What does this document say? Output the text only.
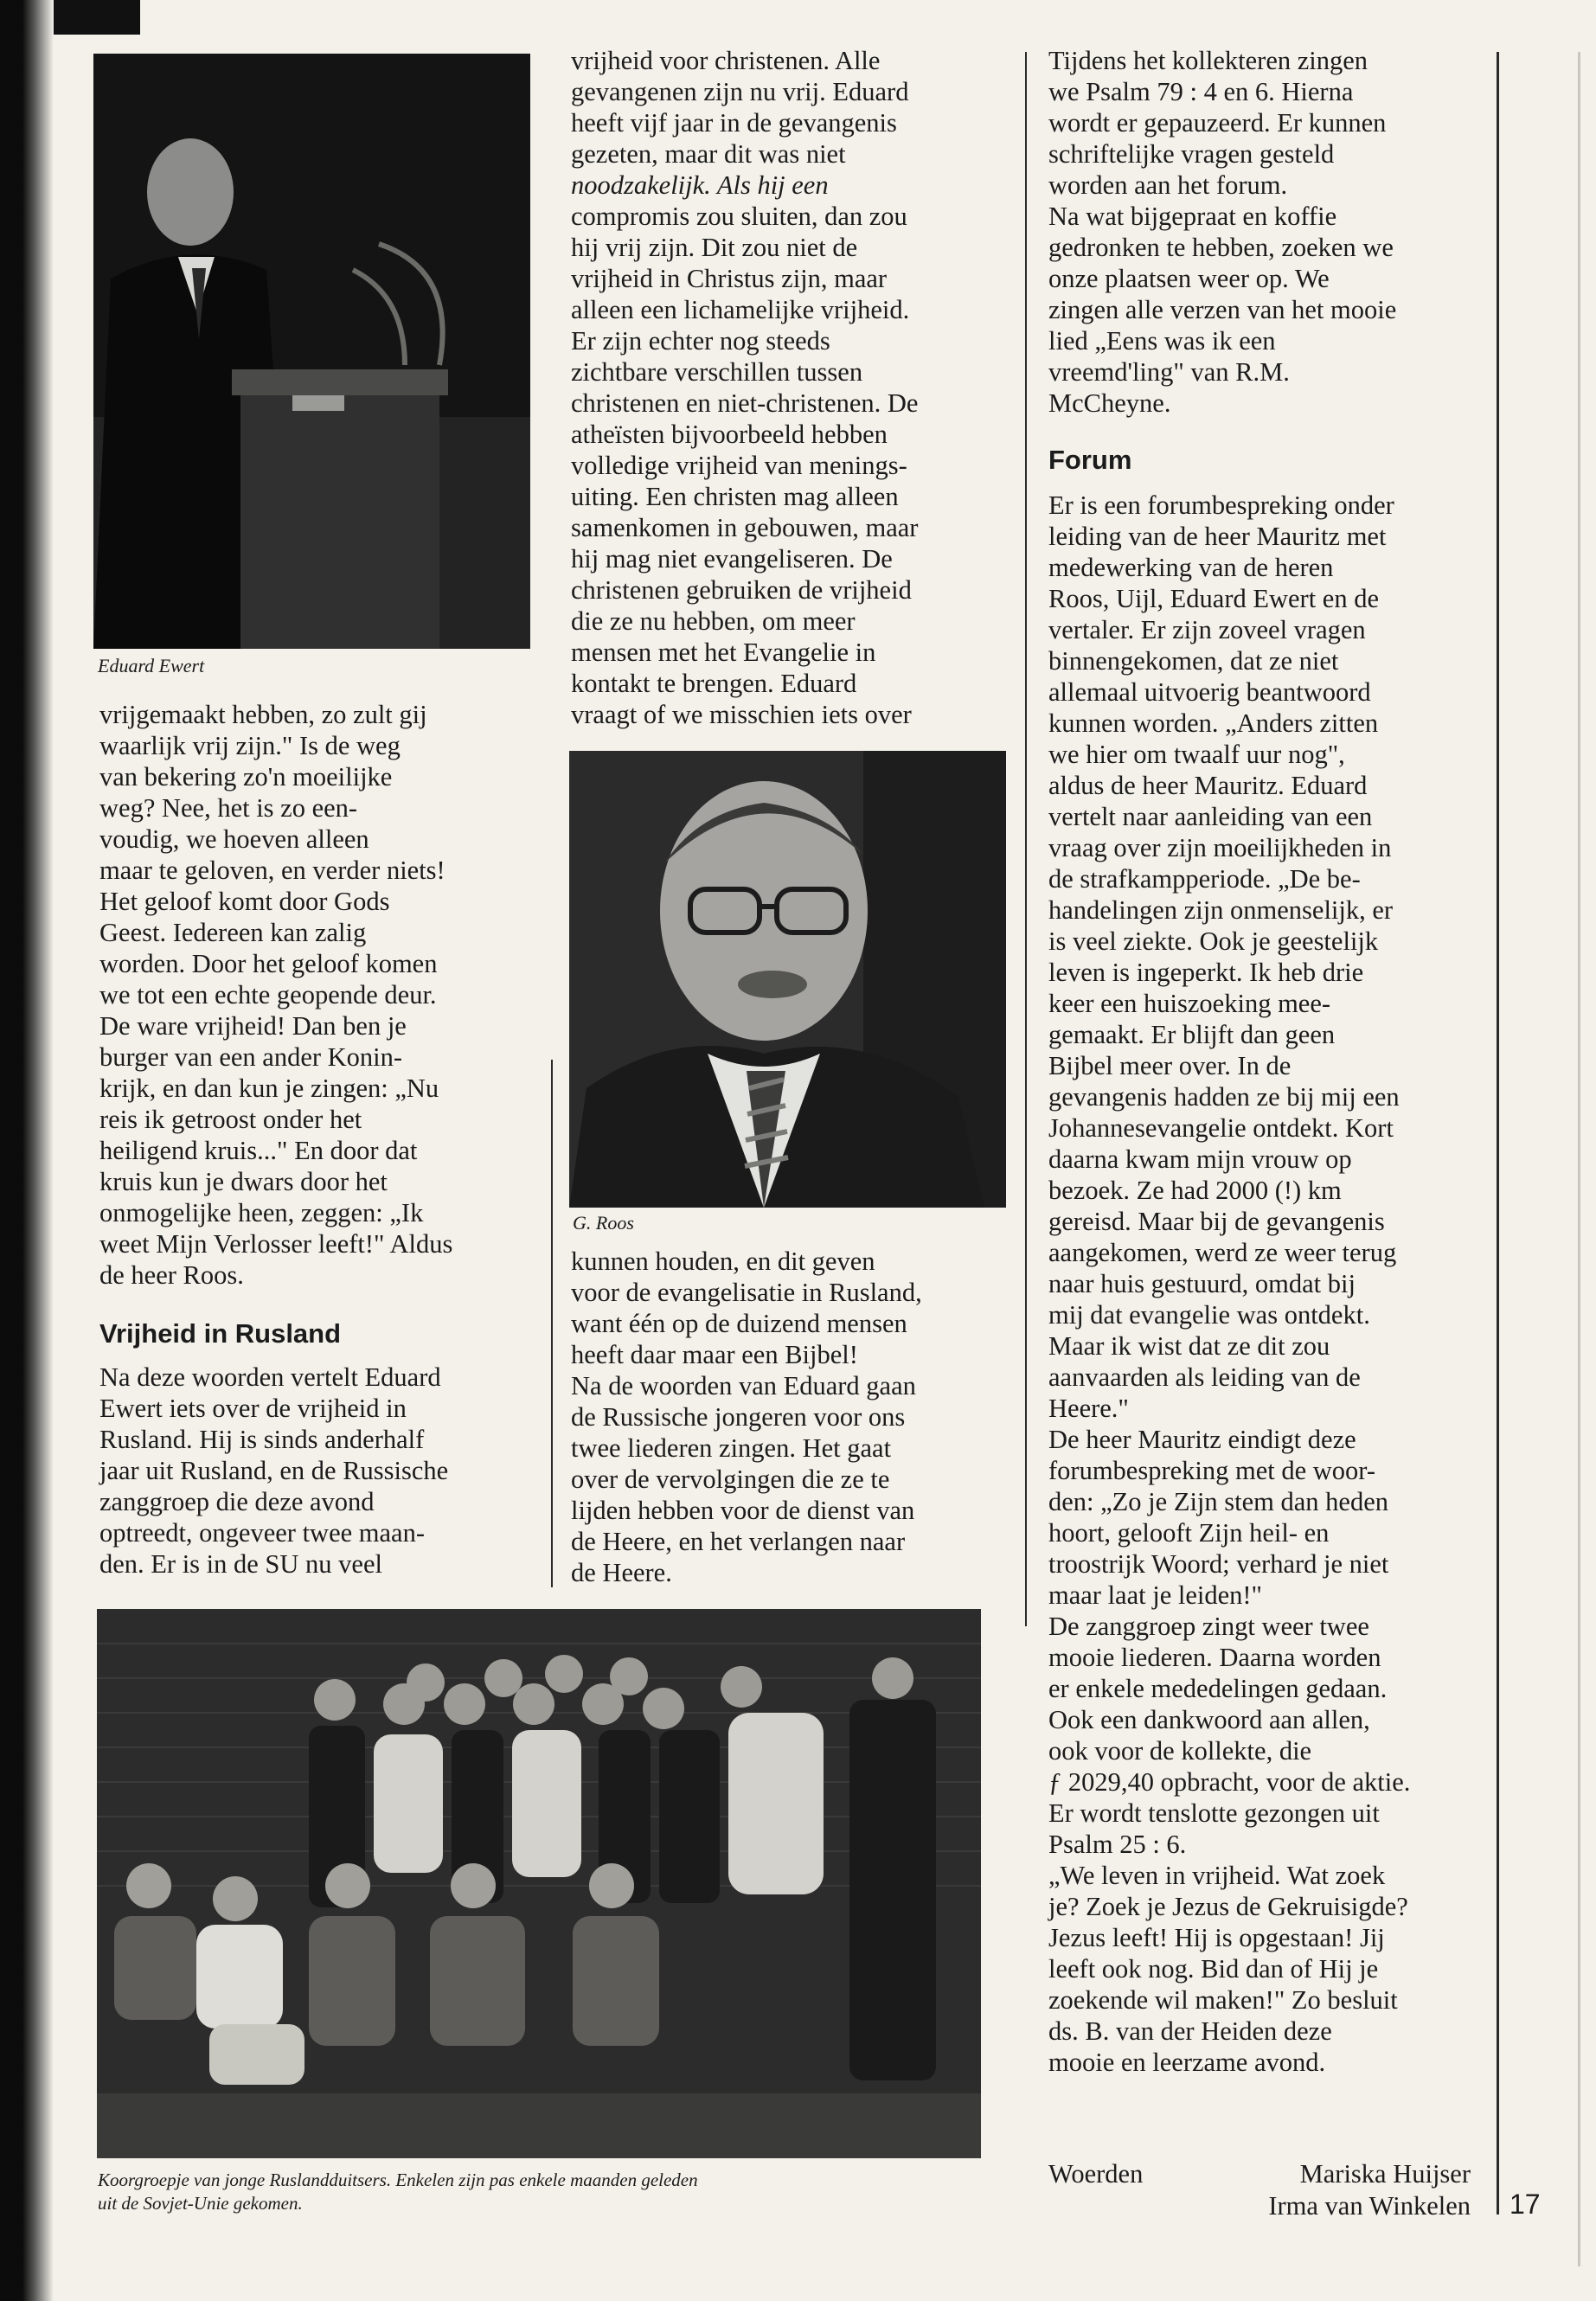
Eduard Ewert
G. Roos
Koorgroepje van jonge Ruslandduitsers. Enkelen zijn pas enkele maanden geleden
uit de Sovjet-Unie gekomen.

vrijgemaakt hebben, zo zult gij
waarlijk vrij zijn." Is de weg
van bekering zo'n moeilijke
weg? Nee, het is zo een-
voudig, we hoeven alleen
maar te geloven, en verder niets!
Het geloof komt door Gods
Geest. Iedereen kan zalig
worden. Door het geloof komen
we tot een echte geopende deur.
De ware vrijheid! Dan ben je
burger van een ander Konin-
krijk, en dan kun je zingen: „Nu
reis ik getroost onder het
heiligend kruis..." En door dat
kruis kun je dwars door het
onmogelijke heen, zeggen: „Ik
weet Mijn Verlosser leeft!" Aldus
de heer Roos.

Vrijheid in Rusland

Na deze woorden vertelt Eduard
Ewert iets over de vrijheid in
Rusland. Hij is sinds anderhalf
jaar uit Rusland, en de Russische
zanggroep die deze avond
optreedt, ongeveer twee maan-
den. Er is in de SU nu veel

vrijheid voor christenen. Alle
gevangenen zijn nu vrij. Eduard
heeft vijf jaar in de gevangenis
gezeten, maar dit was niet
noodzakelijk. Als hij een
compromis zou sluiten, dan zou
hij vrij zijn. Dit zou niet de
vrijheid in Christus zijn, maar
alleen een lichamelijke vrijheid.
Er zijn echter nog steeds
zichtbare verschillen tussen
christenen en niet-christenen. De
atheïsten bijvoorbeeld hebben
volledige vrijheid van menings-
uiting. Een christen mag alleen
samenkomen in gebouwen, maar
hij mag niet evangeliseren. De
christenen gebruiken de vrijheid
die ze nu hebben, om meer
mensen met het Evangelie in
kontakt te brengen. Eduard
vraagt of we misschien iets over

kunnen houden, en dit geven
voor de evangelisatie in Rusland,
want één op de duizend mensen
heeft daar maar een Bijbel!
Na de woorden van Eduard gaan
de Russische jongeren voor ons
twee liederen zingen. Het gaat
over de vervolgingen die ze te
lijden hebben voor de dienst van
de Heere, en het verlangen naar
de Heere.

Tijdens het kollekteren zingen
we Psalm 79 : 4 en 6. Hierna
wordt er gepauzeerd. Er kunnen
schriftelijke vragen gesteld
worden aan het forum.
Na wat bijgepraat en koffie
gedronken te hebben, zoeken we
onze plaatsen weer op. We
zingen alle verzen van het mooie
lied „Eens was ik een
vreemd'ling" van R.M.
McCheyne.

Forum

Er is een forumbespreking onder
leiding van de heer Mauritz met
medewerking van de heren
Roos, Uijl, Eduard Ewert en de
vertaler. Er zijn zoveel vragen
binnengekomen, dat ze niet
allemaal uitvoerig beantwoord
kunnen worden. „Anders zitten
we hier om twaalf uur nog",
aldus de heer Mauritz. Eduard
vertelt naar aanleiding van een
vraag over zijn moeilijkheden in
de strafkampperiode. „De be-
handelingen zijn onmenselijk, er
is veel ziekte. Ook je geestelijk
leven is ingeperkt. Ik heb drie
keer een huiszoeking mee-
gemaakt. Er blijft dan geen
Bijbel meer over. In de
gevangenis hadden ze bij mij een
Johannesevangelie ontdekt. Kort
daarna kwam mijn vrouw op
bezoek. Ze had 2000 (!) km
gereisd. Maar bij de gevangenis
aangekomen, werd ze weer terug
naar huis gestuurd, omdat bij
mij dat evangelie was ontdekt.
Maar ik wist dat ze dit zou
aanvaarden als leiding van de
Heere."
De heer Mauritz eindigt deze
forumbespreking met de woor-
den: „Zo je Zijn stem dan heden
hoort, gelooft Zijn heil- en
troostrijk Woord; verhard je niet
maar laat je leiden!"
De zanggroep zingt weer twee
mooie liederen. Daarna worden
er enkele mededelingen gedaan.
Ook een dankwoord aan allen,
ook voor de kollekte, die
ƒ 2029,40 opbracht, voor de aktie.
Er wordt tenslotte gezongen uit
Psalm 25 : 6.
„We leven in vrijheid. Wat zoek
je? Zoek je Jezus de Gekruisigde?
Jezus leeft! Hij is opgestaan! Jij
leeft ook nog. Bid dan of Hij je
zoekende wil maken!" Zo besluit
ds. B. van der Heiden deze
mooie en leerzame avond.

Woerden	Mariska Huijser
Irma van Winkelen 17
